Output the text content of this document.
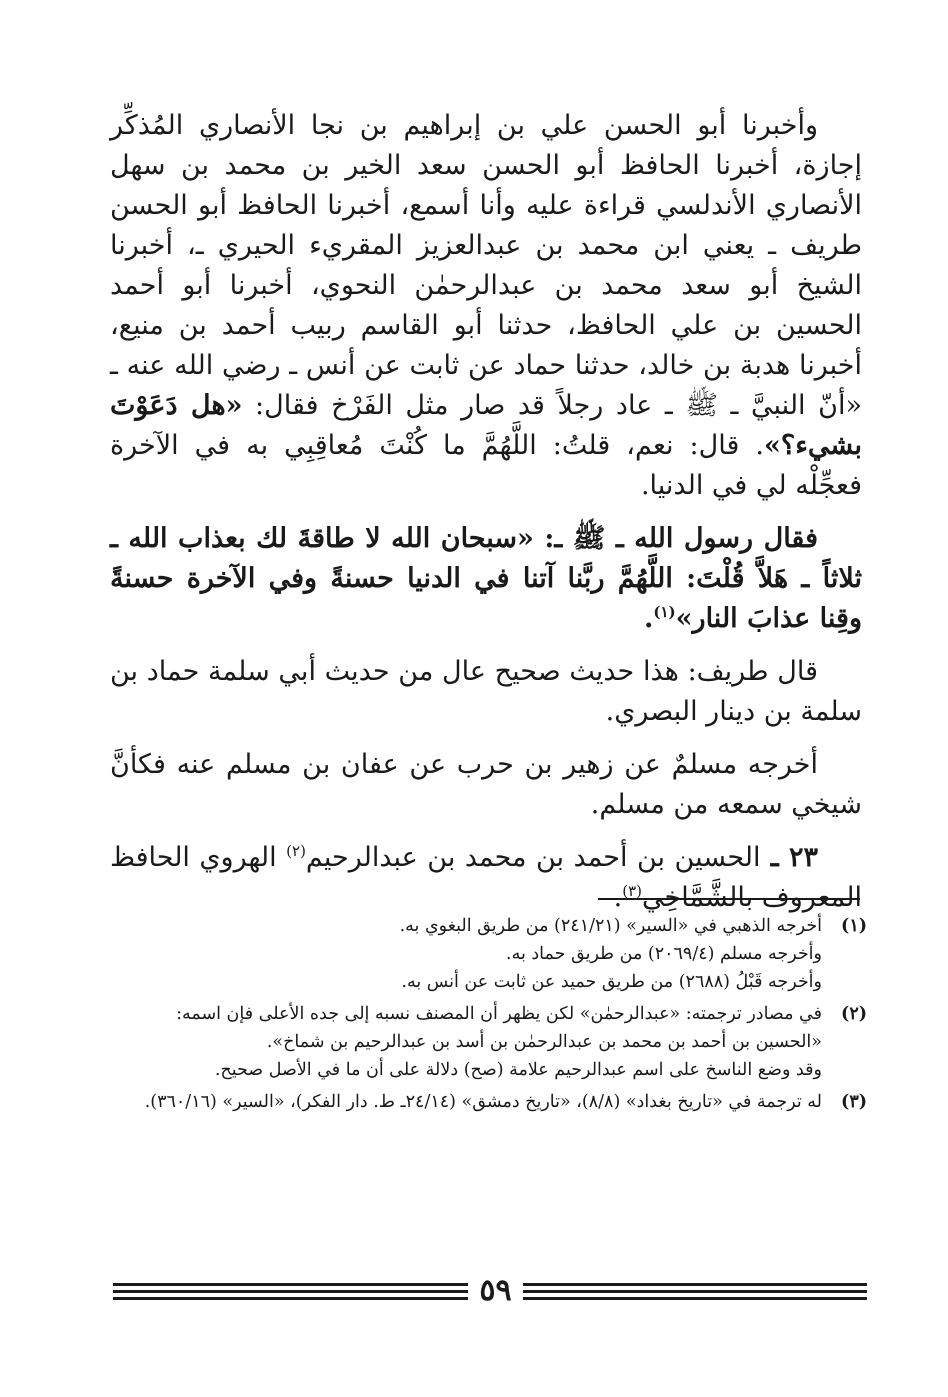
وأخبرنا أبو الحسن علي بن إبراهيم بن نجا الأنصاري المُذكِّر إجازة، أخبرنا الحافظ أبو الحسن سعد الخير بن محمد بن سهل الأنصاري الأندلسي قراءة عليه وأنا أسمع، أخبرنا الحافظ أبو الحسن طريف ـ يعني ابن محمد بن عبدالعزيز المقريء الحيري ـ، أخبرنا الشيخ أبو سعد محمد بن عبدالرحمٰن النحوي، أخبرنا أبو أحمد الحسين بن علي الحافظ، حدثنا أبو القاسم ربيب أحمد بن منيع، أخبرنا هدبة بن خالد، حدثنا حماد عن ثابت عن أنس ـ رضي الله عنه ـ «أنّ النبيَّ ـ ﷺ ـ عاد رجلاً قد صار مثل الفَرْخ فقال: «هل دَعَوْتَ بشيء؟». قال: نعم، قلتُ: اللَّهُمَّ ما كُنْتَ مُعاقِبِي به في الآخرة فعجِّلْه لي في الدنيا.

فقال رسول الله ـ ﷺ ـ: «سبحان الله لا طاقةَ لك بعذاب الله ـ ثلاثاً ـ هَلاَّ قُلْتَ: اللَّهُمَّ ربَّنا آتنا في الدنيا حسنةً وفي الآخرة حسنةً وقِنا عذابَ النار»$^{(١)}$.

قال طريف: هذا حديث صحيح عال من حديث أبي سلمة حماد بن سلمة بن دينار البصري.

أخرجه مسلمٌ عن زهير بن حرب عن عفان بن مسلم عنه فكأنَّ شيخي سمعه من مسلم.

٢٣ ـ الحسين بن أحمد بن محمد بن عبدالرحيم$^{(٢)}$ الهروي الحافظ المعروف بالشَّمَّاخِي$^{(٣)}$.

(١)

أخرجه الذهبي في «السير» (٢٤١/٢١) من طريق البغوي به.

وأخرجه مسلم (٢٠٦٩/٤) من طريق حماد به.

وأخرجه قَبْلُ (٢٦٨٨) من طريق حميد عن ثابت عن أنس به.

(٢)

في مصادر ترجمته: «عبدالرحمٰن» لكن يظهر أن المصنف نسبه إلى جده الأعلى فإن اسمه:

«الحسين بن أحمد بن محمد بن عبدالرحمٰن بن أسد بن عبدالرحيم بن شماخ».

وقد وضع الناسخ على اسم عبدالرحيم علامة (صح) دلالة على أن ما في الأصل صحيح.

(٣)

له ترجمة في «تاريخ بغداد» (٨/٨)، «تاريخ دمشق» (٢٤/١٤ـ ط. دار الفكر)، «السير» (٣٦٠/١٦).

٥٩
